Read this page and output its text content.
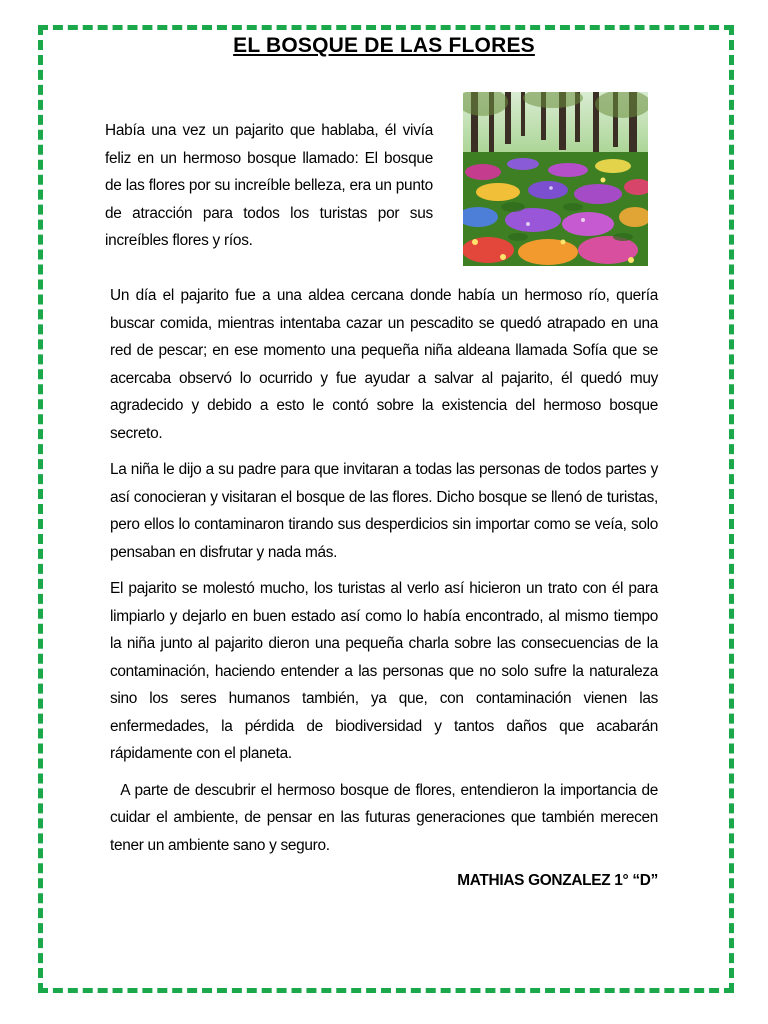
EL BOSQUE DE LAS FLORES
Había una vez un pajarito que hablaba, él vivía feliz en un hermoso bosque llamado: El bosque de las flores por su increíble belleza, era un punto de atracción para todos los turistas por sus increíbles flores y ríos.

Un día el pajarito fue a una aldea cercana donde había un hermoso río, quería buscar comida, mientras intentaba cazar un pescadito se quedó atrapado en una red de pescar; en ese momento una pequeña niña aldeana llamada Sofía que se acercaba observó lo ocurrido y fue ayudar a salvar al pajarito, él quedó muy agradecido y debido a esto le contó sobre la existencia del hermoso bosque secreto.

La niña le dijo a su padre para que invitaran a todas las personas de todos partes y así conocieran y visitaran el bosque de las flores. Dicho bosque se llenó de turistas, pero ellos lo contaminaron tirando sus desperdicios sin importar como se veía, solo pensaban en disfrutar y nada más.

El pajarito se molestó mucho, los turistas al verlo así hicieron un trato con él para limpiarlo y dejarlo en buen estado así como lo había encontrado, al mismo tiempo la niña junto al pajarito dieron una pequeña charla sobre las consecuencias de la contaminación, haciendo entender a las personas que no solo sufre la naturaleza sino los seres humanos también, ya que, con contaminación vienen las enfermedades, la pérdida de biodiversidad y tantos daños que acabarán rápidamente con el planeta.

A parte de descubrir el hermoso bosque de flores, entendieron la importancia de cuidar el ambiente, de pensar en las futuras generaciones que también merecen tener un ambiente sano y seguro.

MATHIAS GONZALEZ 1° “D”
